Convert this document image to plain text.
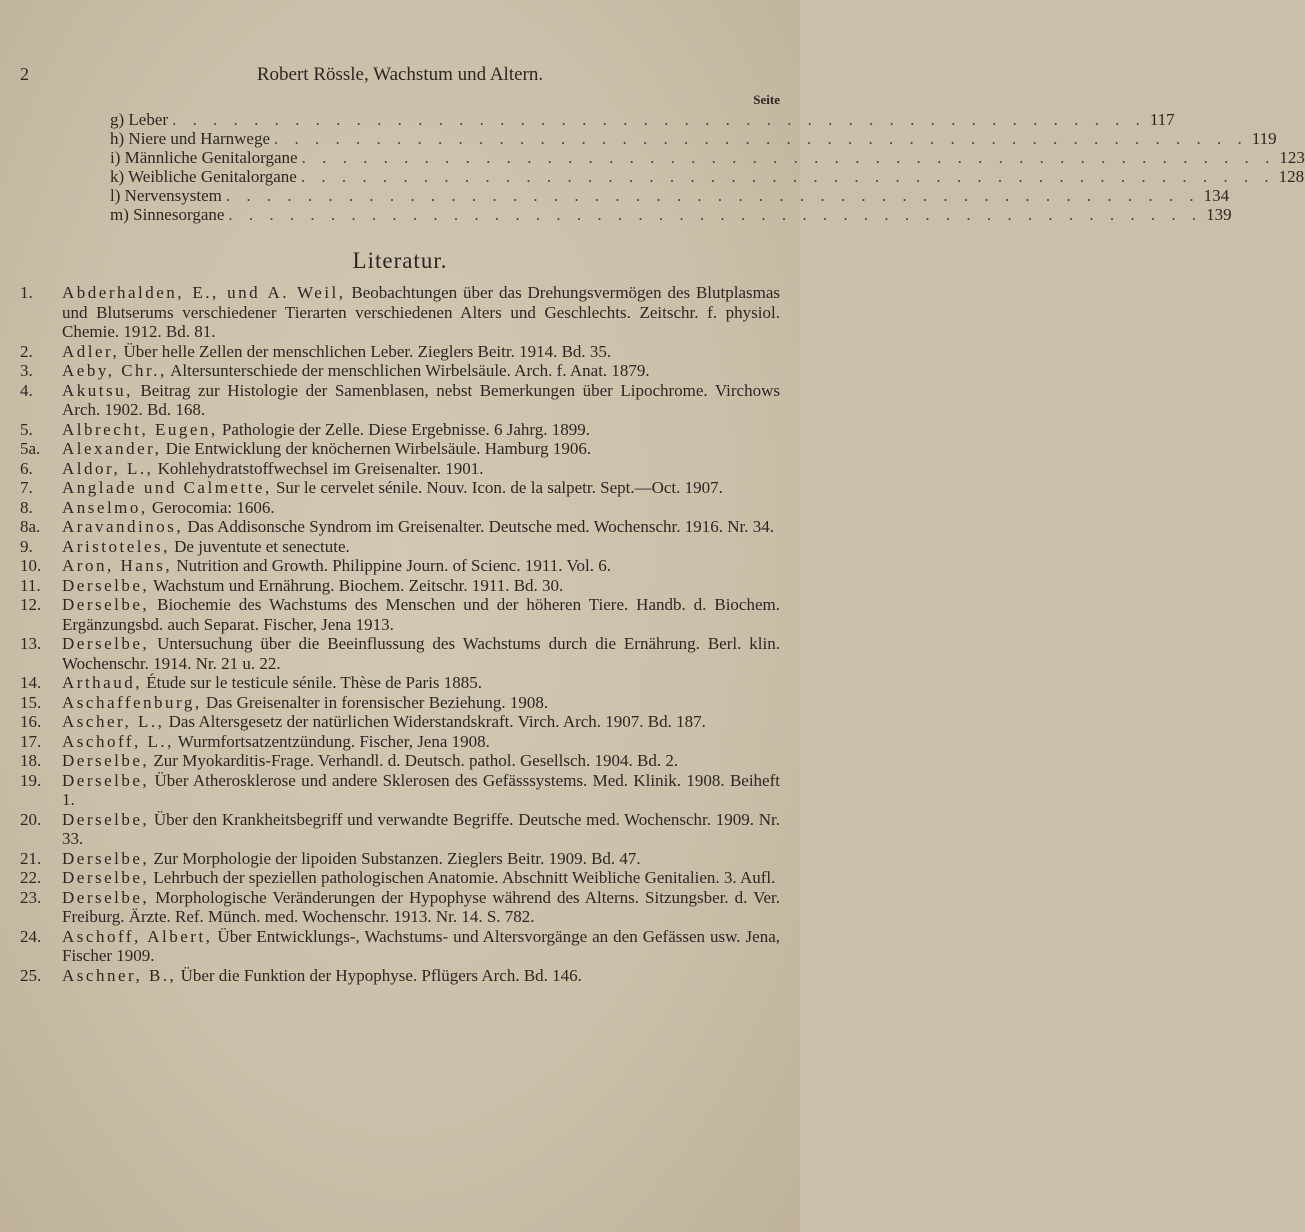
2	Robert Rössle, Wachstum und Altern.
Seite
g) Leber . . . . . . . . . . . . . . . . . . . . . . . . . . . . . . . . . . . . . . . . . . . . . . . . 117
h) Niere und Harnwege . . . . . . . . . . . . . . . . . . . . . . . . . . . . . . . . . . . . . . . . . . . . . . . . 119
i) Männliche Genitalorgane . . . . . . . . . . . . . . . . . . . . . . . . . . . . . . . . . . . . . . . . . . . . . . . . 123
k) Weibliche Genitalorgane . . . . . . . . . . . . . . . . . . . . . . . . . . . . . . . . . . . . . . . . . . . . . . . . 128
l) Nervensystem . . . . . . . . . . . . . . . . . . . . . . . . . . . . . . . . . . . . . . . . . . . . . . . . 134
m) Sinnesorgane . . . . . . . . . . . . . . . . . . . . . . . . . . . . . . . . . . . . . . . . . . . . . . . . 139
Literatur.
1.	Abderhalden, E., und A. Weil, Beobachtungen über das Drehungsvermögen des Blutplasmas und Blutserums verschiedener Tierarten verschiedenen Alters und Geschlechts. Zeitschr. f. physiol. Chemie. 1912. Bd. 81.
2.	Adler, Über helle Zellen der menschlichen Leber. Zieglers Beitr. 1914. Bd. 35.
3.	Aeby, Chr., Altersunterschiede der menschlichen Wirbelsäule. Arch. f. Anat. 1879.
4.	Akutsu, Beitrag zur Histologie der Samenblasen, nebst Bemerkungen über Lipochrome. Virchows Arch. 1902. Bd. 168.
5.	Albrecht, Eugen, Pathologie der Zelle. Diese Ergebnisse. 6 Jahrg. 1899.
5a.	Alexander, Die Entwicklung der knöchernen Wirbelsäule. Hamburg 1906.
6.	Aldor, L., Kohlehydratstoffwechsel im Greisenalter. 1901.
7.	Anglade und Calmette, Sur le cervelet sénile. Nouv. Icon. de la salpetr. Sept.—Oct. 1907.
8.	Anselmo, Gerocomia: 1606.
8a.	Aravandinos, Das Addisonsche Syndrom im Greisenalter. Deutsche med. Wochenschr. 1916. Nr. 34.
9.	Aristoteles, De juventute et senectute.
10.	Aron, Hans, Nutrition and Growth. Philippine Journ. of Scienc. 1911. Vol. 6.
11.	Derselbe, Wachstum und Ernährung. Biochem. Zeitschr. 1911. Bd. 30.
12.	Derselbe, Biochemie des Wachstums des Menschen und der höheren Tiere. Handb. d. Biochem. Ergänzungsbd. auch Separat. Fischer, Jena 1913.
13.	Derselbe, Untersuchung über die Beeinflussung des Wachstums durch die Ernährung. Berl. klin. Wochenschr. 1914. Nr. 21 u. 22.
14.	Arthaud, Étude sur le testicule sénile. Thèse de Paris 1885.
15.	Aschaffenburg, Das Greisenalter in forensischer Beziehung. 1908.
16.	Ascher, L., Das Altersgesetz der natürlichen Widerstandskraft. Virch. Arch. 1907. Bd. 187.
17.	Aschoff, L., Wurmfortsatzentzündung. Fischer, Jena 1908.
18.	Derselbe, Zur Myokarditis-Frage. Verhandl. d. Deutsch. pathol. Gesellsch. 1904. Bd. 2.
19.	Derselbe, Über Atherosklerose und andere Sklerosen des Gefässsystems. Med. Klinik. 1908. Beiheft 1.
20.	Derselbe, Über den Krankheitsbegriff und verwandte Begriffe. Deutsche med. Wochenschr. 1909. Nr. 33.
21.	Derselbe, Zur Morphologie der lipoiden Substanzen. Zieglers Beitr. 1909. Bd. 47.
22.	Derselbe, Lehrbuch der speziellen pathologischen Anatomie. Abschnitt Weibliche Genitalien. 3. Aufl.
23.	Derselbe, Morphologische Veränderungen der Hypophyse während des Alterns. Sitzungsber. d. Ver. Freiburg. Ärzte. Ref. Münch. med. Wochenschr. 1913. Nr. 14. S. 782.
24.	Aschoff, Albert, Über Entwicklungs-, Wachstums- und Altersvorgänge an den Gefässen usw. Jena, Fischer 1909.
25.	Aschner, B., Über die Funktion der Hypophyse. Pflügers Arch. Bd. 146.
